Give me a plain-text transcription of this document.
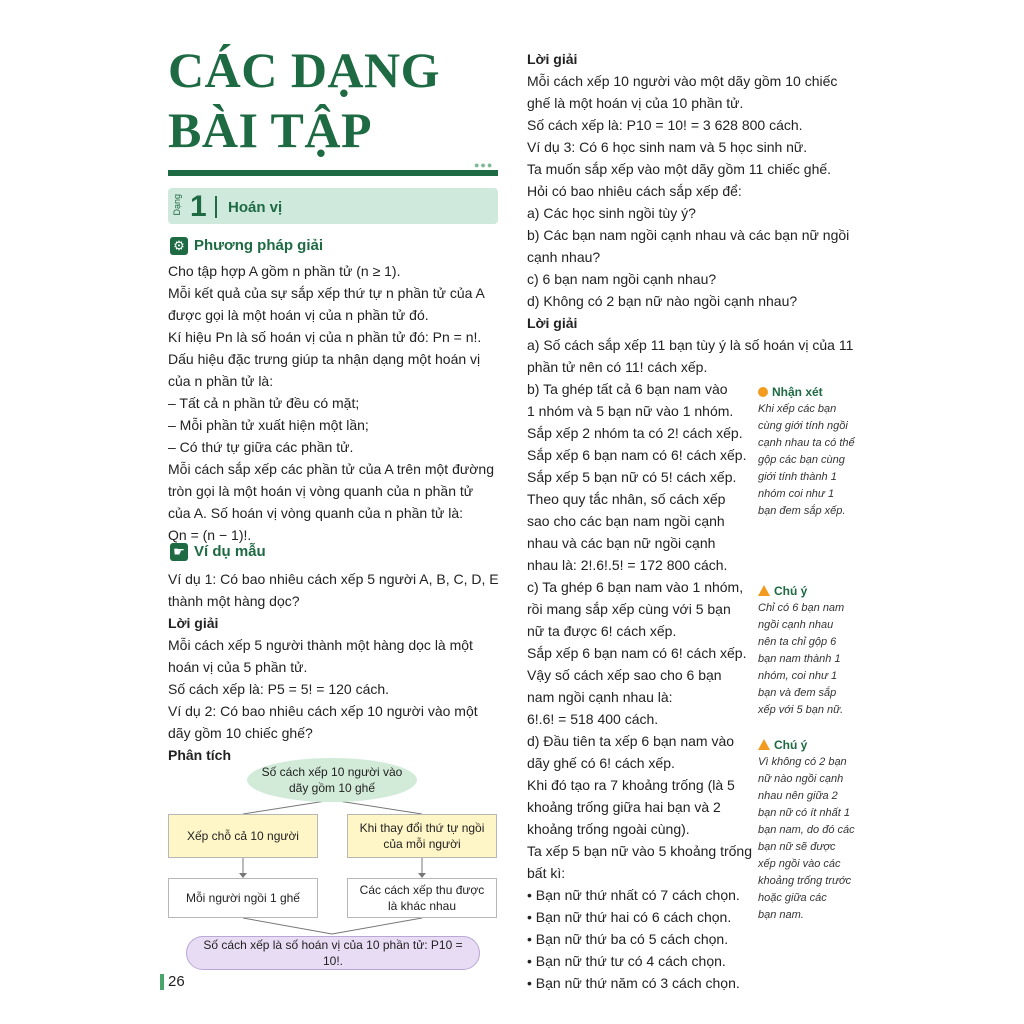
CÁC DẠNG
BÀI TẬP
●●●
Dạng 1 Hoán vị
⚙ Phương pháp giải
Cho tập hợp A gồm n phần tử (n ≥ 1).
Mỗi kết quả của sự sắp xếp thứ tự n phần tử của A
được gọi là một hoán vị của n phần tử đó.
Kí hiệu Pn là số hoán vị của n phần tử đó: Pn = n!.
Dấu hiệu đặc trưng giúp ta nhận dạng một hoán vị
của n phần tử là:
– Tất cả n phần tử đều có mặt;
– Mỗi phần tử xuất hiện một lần;
– Có thứ tự giữa các phần tử.
Mỗi cách sắp xếp các phần tử của A trên một đường
tròn gọi là một hoán vị vòng quanh của n phần tử
của A. Số hoán vị vòng quanh của n phần tử là:
Qn = (n − 1)!.
☛ Ví dụ mẫu
Ví dụ 1: Có bao nhiêu cách xếp 5 người A, B, C, D, E
thành một hàng dọc?
Lời giải
Mỗi cách xếp 5 người thành một hàng dọc là một
hoán vị của 5 phần tử.
Số cách xếp là: P5 = 5! = 120 cách.
Ví dụ 2: Có bao nhiêu cách xếp 10 người vào một
dãy gồm 10 chiếc ghế?
Phân tích
Số cách xếp 10 người vào dãy gồm 10 ghế
Xếp chỗ cả 10 người
Khi thay đổi thứ tự ngồi của mỗi người
Mỗi người ngồi 1 ghế
Các cách xếp thu được là khác nhau
Số cách xếp là số hoán vị của 10 phần tử: P10 = 10!.
Lời giải
Mỗi cách xếp 10 người vào một dãy gồm 10 chiếc
ghế là một hoán vị của 10 phần tử.
Số cách xếp là: P10 = 10! = 3 628 800 cách.
Ví dụ 3: Có 6 học sinh nam và 5 học sinh nữ.
Ta muốn sắp xếp vào một dãy gồm 11 chiếc ghế.
Hỏi có bao nhiêu cách sắp xếp để:
a) Các học sinh ngồi tùy ý?
b) Các bạn nam ngồi cạnh nhau và các bạn nữ ngồi
cạnh nhau?
c) 6 bạn nam ngồi cạnh nhau?
d) Không có 2 bạn nữ nào ngồi cạnh nhau?
Lời giải
a) Số cách sắp xếp 11 bạn tùy ý là số hoán vị của 11
phần tử nên có 11! cách xếp.
b) Ta ghép tất cả 6 bạn nam vào
1 nhóm và 5 bạn nữ vào 1 nhóm.
Sắp xếp 2 nhóm ta có 2! cách xếp.
Sắp xếp 6 bạn nam có 6! cách xếp.
Sắp xếp 5 bạn nữ có 5! cách xếp.
Theo quy tắc nhân, số cách xếp
sao cho các bạn nam ngồi cạnh
nhau và các bạn nữ ngồi cạnh
nhau là: 2!.6!.5! = 172 800 cách.
c) Ta ghép 6 bạn nam vào 1 nhóm,
rồi mang sắp xếp cùng với 5 bạn
nữ ta được 6! cách xếp.
Sắp xếp 6 bạn nam có 6! cách xếp.
Vậy số cách xếp sao cho 6 bạn
nam ngồi cạnh nhau là:
6!.6! = 518 400 cách.
d) Đầu tiên ta xếp 6 bạn nam vào
dãy ghế có 6! cách xếp.
Khi đó tạo ra 7 khoảng trống (là 5
khoảng trống giữa hai bạn và 2
khoảng trống ngoài cùng).
Ta xếp 5 bạn nữ vào 5 khoảng trống
bất kì:
• Bạn nữ thứ nhất có 7 cách chọn.
• Bạn nữ thứ hai có 6 cách chọn.
• Bạn nữ thứ ba có 5 cách chọn.
• Bạn nữ thứ tư có 4 cách chọn.
• Bạn nữ thứ năm có 3 cách chọn.
Nhận xét
Khi xếp các bạn
cùng giới tính ngồi
cạnh nhau ta có thể
gộp các bạn cùng
giới tính thành 1
nhóm coi như 1
bạn đem sắp xếp.
Chú ý
Chỉ có 6 bạn nam
ngồi cạnh nhau
nên ta chỉ gộp 6
bạn nam thành 1
nhóm, coi như 1
bạn và đem sắp
xếp với 5 bạn nữ.
Chú ý
Vì không có 2 bạn
nữ nào ngồi cạnh
nhau nên giữa 2
bạn nữ có ít nhất 1
bạn nam, do đó các
bạn nữ sẽ được
xếp ngồi vào các
khoảng trống trước
hoặc giữa các
bạn nam.
26
